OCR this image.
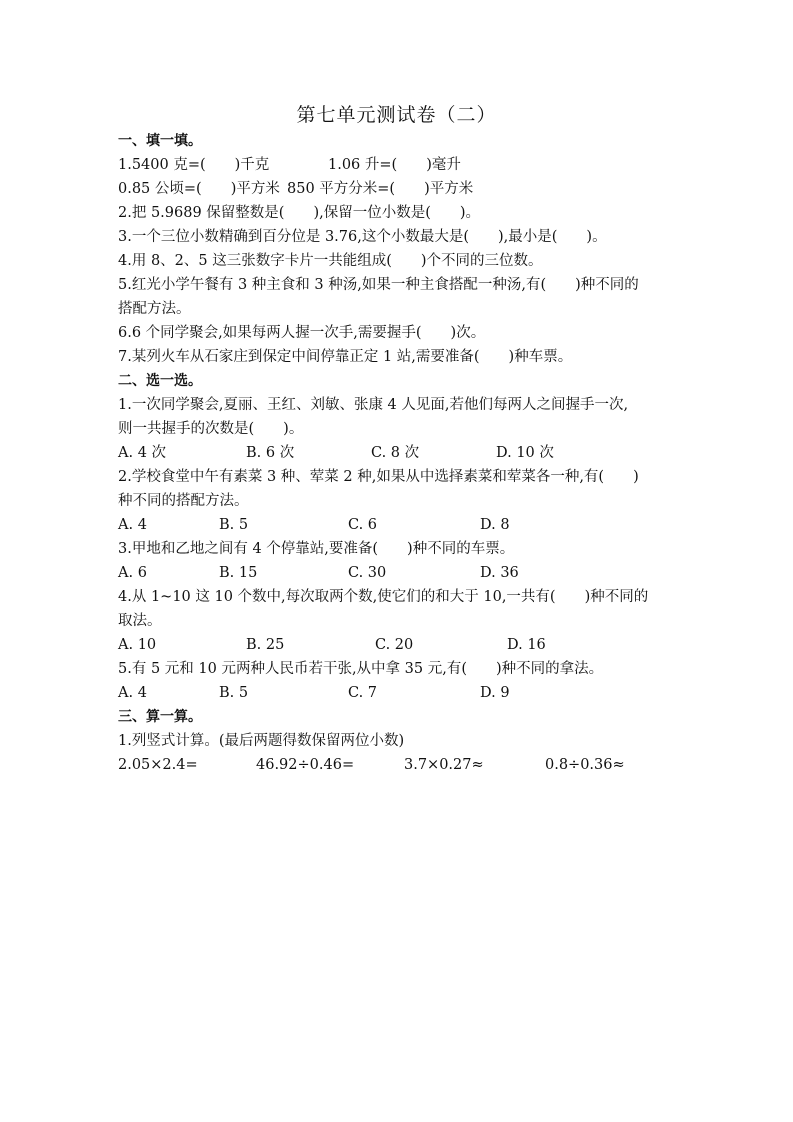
第七单元测试卷（二）
一、填一填。
1.5400 克=(　　)千克	1.06 升=(　　)毫升
0.85 公顷=(　　)平方米 850 平方分米=(　　)平方米
2.把 5.9689 保留整数是(　　),保留一位小数是(　　)。
3.一个三位小数精确到百分位是 3.76,这个小数最大是(　　),最小是(　　)。
4.用 8、2、5 这三张数字卡片一共能组成(　　)个不同的三位数。
5.红光小学午餐有 3 种主食和 3 种汤,如果一种主食搭配一种汤,有(　　)种不同的
搭配方法。
6.6 个同学聚会,如果每两人握一次手,需要握手(　　)次。
7.某列火车从石家庄到保定中间停靠正定 1 站,需要准备(　　)种车票。
二、选一选。
1.一次同学聚会,夏丽、王红、刘敏、张康 4 人见面,若他们每两人之间握手一次,
则一共握手的次数是(　　)。
A. 4 次	B. 6 次	C. 8 次	D. 10 次
2.学校食堂中午有素菜 3 种、荤菜 2 种,如果从中选择素菜和荤菜各一种,有(　　)
种不同的搭配方法。
A. 4	B. 5	C. 6	D. 8
3.甲地和乙地之间有 4 个停靠站,要准备(　　)种不同的车票。
A. 6	B. 15	C. 30	D. 36
4.从 1~10 这 10 个数中,每次取两个数,使它们的和大于 10,一共有(　　)种不同的
取法。
A. 10	B. 25	C. 20	D. 16
5.有 5 元和 10 元两种人民币若干张,从中拿 35 元,有(　　)种不同的拿法。
A. 4	B. 5	C. 7	D. 9
三、算一算。
1.列竖式计算。(最后两题得数保留两位小数)
2.05×2.4=	46.92÷0.46=	3.7×0.27≈	0.8÷0.36≈
